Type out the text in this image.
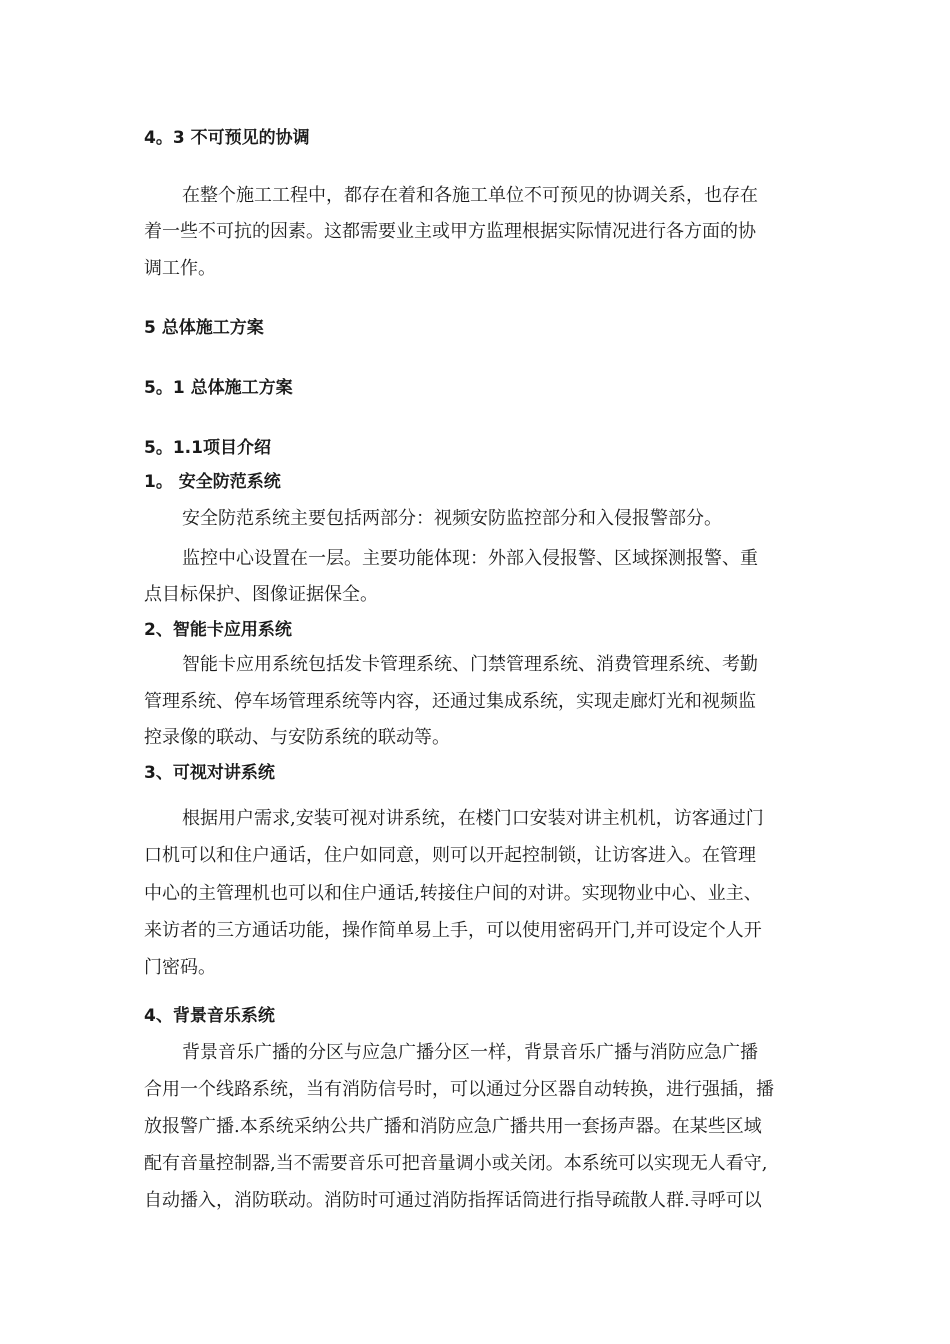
4。3 不可预见的协调
在整个施工工程中，都存在着和各施工单位不可预见的协调关系，也存在
着一些不可抗的因素。这都需要业主或甲方监理根据实际情况进行各方面的协
调工作。
5 总体施工方案
5。1 总体施工方案
5。1.1项目介绍
1。 安全防范系统
安全防范系统主要包括两部分：视频安防监控部分和入侵报警部分。
监控中心设置在一层。主要功能体现：外部入侵报警、区域探测报警、重
点目标保护、图像证据保全。
2、智能卡应用系统
智能卡应用系统包括发卡管理系统、门禁管理系统、消费管理系统、考勤
管理系统、停车场管理系统等内容，还通过集成系统，实现走廊灯光和视频监
控录像的联动、与安防系统的联动等。
3、可视对讲系统
根据用户需求,安装可视对讲系统，在楼门口安装对讲主机机，访客通过门
口机可以和住户通话，住户如同意，则可以开起控制锁，让访客进入。在管理
中心的主管理机也可以和住户通话,转接住户间的对讲。实现物业中心、业主、
来访者的三方通话功能，操作简单易上手，可以使用密码开门,并可设定个人开
门密码。
4、背景音乐系统
背景音乐广播的分区与应急广播分区一样，背景音乐广播与消防应急广播
合用一个线路系统，当有消防信号时，可以通过分区器自动转换，进行强插，播
放报警广播.本系统采纳公共广播和消防应急广播共用一套扬声器。在某些区域
配有音量控制器,当不需要音乐可把音量调小或关闭。本系统可以实现无人看守,
自动播入，消防联动。消防时可通过消防指挥话筒进行指导疏散人群.寻呼可以
